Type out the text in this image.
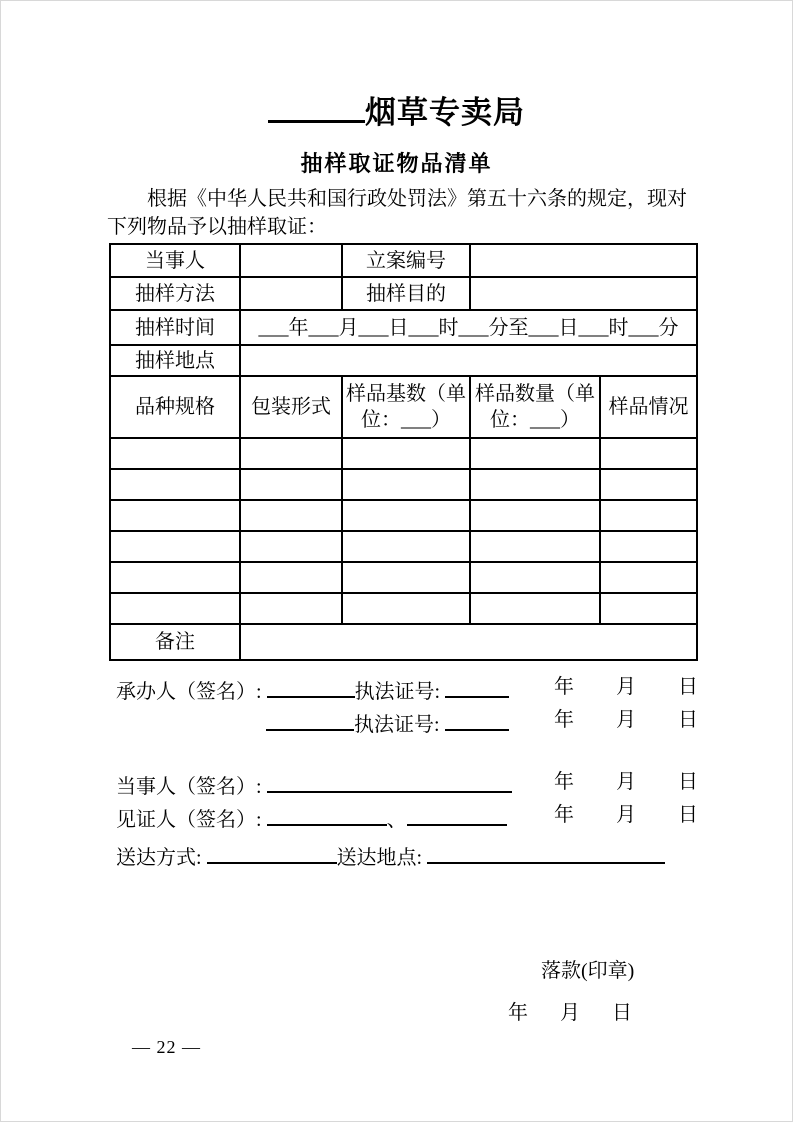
烟草专卖局
抽样取证物品清单

根据《中华人民共和国行政处罚法》第五十六条的规定，现对下列物品予以抽样取证：

当事人		立案编号		
抽样方法		抽样目的		
抽样时间	___年___月___日___时___分至___日___时___分			
抽样地点				
品种规格	包装形式	样品基数（单位：___）	样品数量（单位：___）	样品情况

备注				
承办人（签名）:	执法证号:	年 月 日
执法证号:	年 月 日
当事人（签名）:	年 月 日
见证人（签名）:	、	年 月 日
送达方式:	送达地点:
落款(印章)
年 月 日
— 22 —
